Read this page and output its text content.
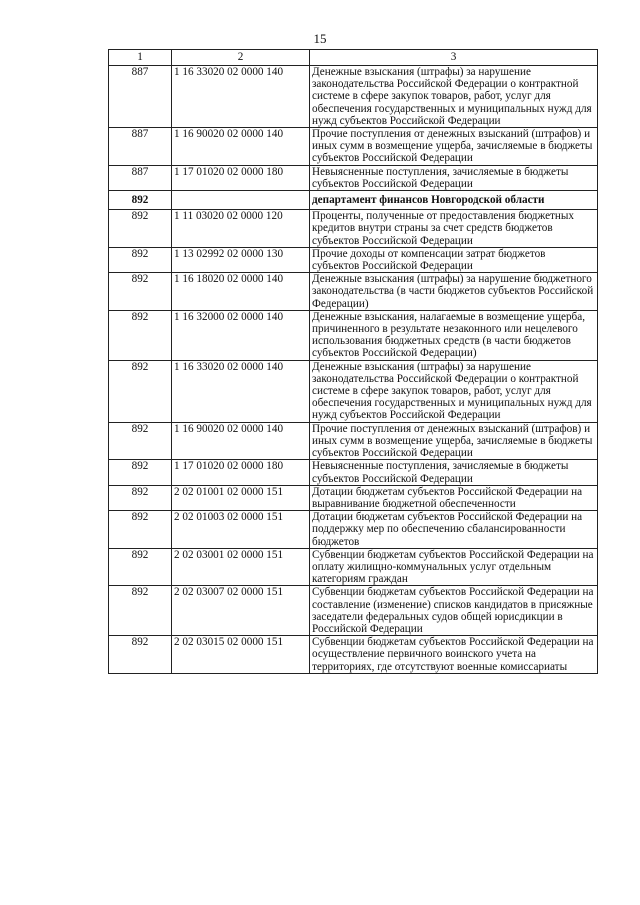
15
1	2	3
887	1 16 33020 02 0000 140	Денежные взыскания (штрафы) за нарушение законодательства Российской Федерации о контрактной системе в сфере закупок товаров, работ, услуг для обеспечения государственных и муниципальных нужд для нужд субъектов Российской Федерации
887	1 16 90020 02 0000 140	Прочие поступления от денежных взысканий (штрафов) и иных сумм в возмещение ущерба, зачисляемые в бюджеты субъектов Российской Федерации
887	1 17 01020 02 0000 180	Невыясненные поступления, зачисляемые в бюджеты субъектов Российской Федерации
892		департамент финансов Новгородской области
892	1 11 03020 02 0000 120	Проценты, полученные от предоставления бюджетных кредитов внутри страны за счет средств бюджетов субъектов Российской Федерации
892	1 13 02992 02 0000 130	Прочие доходы от компенсации затрат бюджетов субъектов Российской Федерации
892	1 16 18020 02 0000 140	Денежные взыскания (штрафы) за нарушение бюджетного законодательства (в части бюджетов субъектов Российской Федерации)
892	1 16 32000 02 0000 140	Денежные взыскания, налагаемые в возмещение ущерба, причиненного в результате незаконного или нецелевого использования бюджетных средств (в части бюджетов субъектов Российской Федерации)
892	1 16 33020 02 0000 140	Денежные взыскания (штрафы) за нарушение законодательства Российской Федерации о контрактной системе в сфере закупок товаров, работ, услуг для обеспечения государственных и муниципальных нужд для нужд субъектов Российской Федерации
892	1 16 90020 02 0000 140	Прочие поступления от денежных взысканий (штрафов) и иных сумм в возмещение ущерба, зачисляемые в бюджеты субъектов Российской Федерации
892	1 17 01020 02 0000 180	Невыясненные поступления, зачисляемые в бюджеты субъектов Российской Федерации
892	2 02 01001 02 0000 151	Дотации бюджетам субъектов Российской Федерации на выравнивание бюджетной обеспеченности
892	2 02 01003 02 0000 151	Дотации бюджетам субъектов Российской Федерации на поддержку мер по обеспечению сбалансированности бюджетов
892	2 02 03001 02 0000 151	Субвенции бюджетам субъектов Российской Федерации на оплату жилищно-коммунальных услуг отдельным категориям граждан
892	2 02 03007 02 0000 151	Субвенции бюджетам субъектов Российской Федерации на составление (изменение) списков кандидатов в присяжные заседатели федеральных судов общей юрисдикции в Российской Федерации
892	2 02 03015 02 0000 151	Субвенции бюджетам субъектов Российской Федерации на осуществление первичного воинского учета на территориях, где отсутствуют военные комиссариаты
